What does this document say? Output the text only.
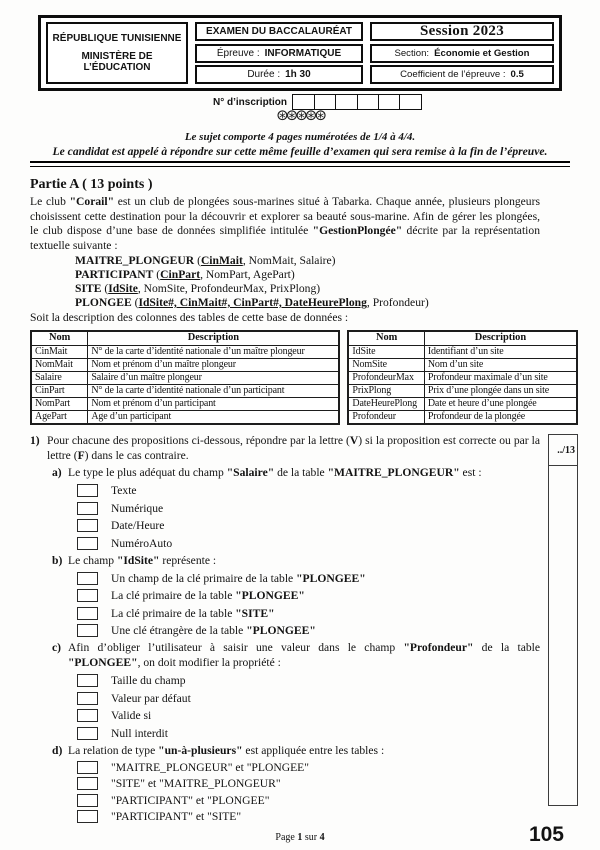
RÉPUBLIQUE TUNISIENNE
MINISTÈRE DE L’ÉDUCATION
EXAMEN DU BACCALAURÉAT
Épreuve : INFORMATIQUE
Durée : 1h 30
Session 2023
Section: Économie et Gestion
Coefficient de l’épreuve : 0.5
N° d’inscription
⊛⊛⊛⊛⊛
Le sujet comporte 4 pages numérotées de 1/4 à 4/4.
Le candidat est appelé à répondre sur cette même feuille d’examen qui sera remise à la fin de l’épreuve.
Partie A ( 13 points )
Le club "Corail" est un club de plongées sous-marines situé à Tabarka. Chaque année, plusieurs plongeurs choisissent cette destination pour la découvrir et explorer sa beauté sous-marine. Afin de gérer les plongées, le club dispose d’une base de données simplifiée intitulée "GestionPlongée" décrite par la représentation textuelle suivante :
MAITRE_PLONGEUR (CinMait, NomMait, Salaire)
PARTICIPANT (CinPart, NomPart, AgePart)
SITE (IdSite, NomSite, ProfondeurMax, PrixPlong)
PLONGEE (IdSite#, CinMait#, CinPart#, DateHeurePlong, Profondeur)
Soit la description des colonnes des tables de cette base de données :
Nom	Description
CinMait	N° de la carte d’identité nationale d’un maître plongeur
NomMait	Nom et prénom d’un maître plongeur
Salaire	Salaire d’un maître plongeur
CinPart	N° de la carte d’identité nationale d’un participant
NomPart	Nom et prénom d’un participant
AgePart	Age d’un participant
Nom	Description
IdSite	Identifiant d’un site
NomSite	Nom d’un site
ProfondeurMax	Profondeur maximale d’un site
PrixPlong	Prix d’une plongée dans un site
DateHeurePlong	Date et heure d’une plongée
Profondeur	Profondeur de la plongée
1) Pour chacune des propositions ci-dessous, répondre par la lettre (V) si la proposition est correcte ou par la lettre (F) dans le cas contraire.
a) Le type le plus adéquat du champ "Salaire" de la table "MAITRE_PLONGEUR" est :
Texte
Numérique
Date/Heure
NuméroAuto
b) Le champ "IdSite" représente :
Un champ de la clé primaire de la table "PLONGEE"
La clé primaire de la table "PLONGEE"
La clé primaire de la table "SITE"
Une clé étrangère de la table "PLONGEE"
c) Afin d’obliger l’utilisateur à saisir une valeur dans le champ "Profondeur" de la table "PLONGEE", on doit modifier la propriété :
Taille du champ
Valeur par défaut
Valide si
Null interdit
d) La relation de type "un-à-plusieurs" est appliquée entre les tables :
"MAITRE_PLONGEUR" et "PLONGEE"
"SITE" et "MAITRE_PLONGEUR"
"PARTICIPANT" et "PLONGEE"
"PARTICIPANT" et "SITE"
../13
Page 1 sur 4	105
